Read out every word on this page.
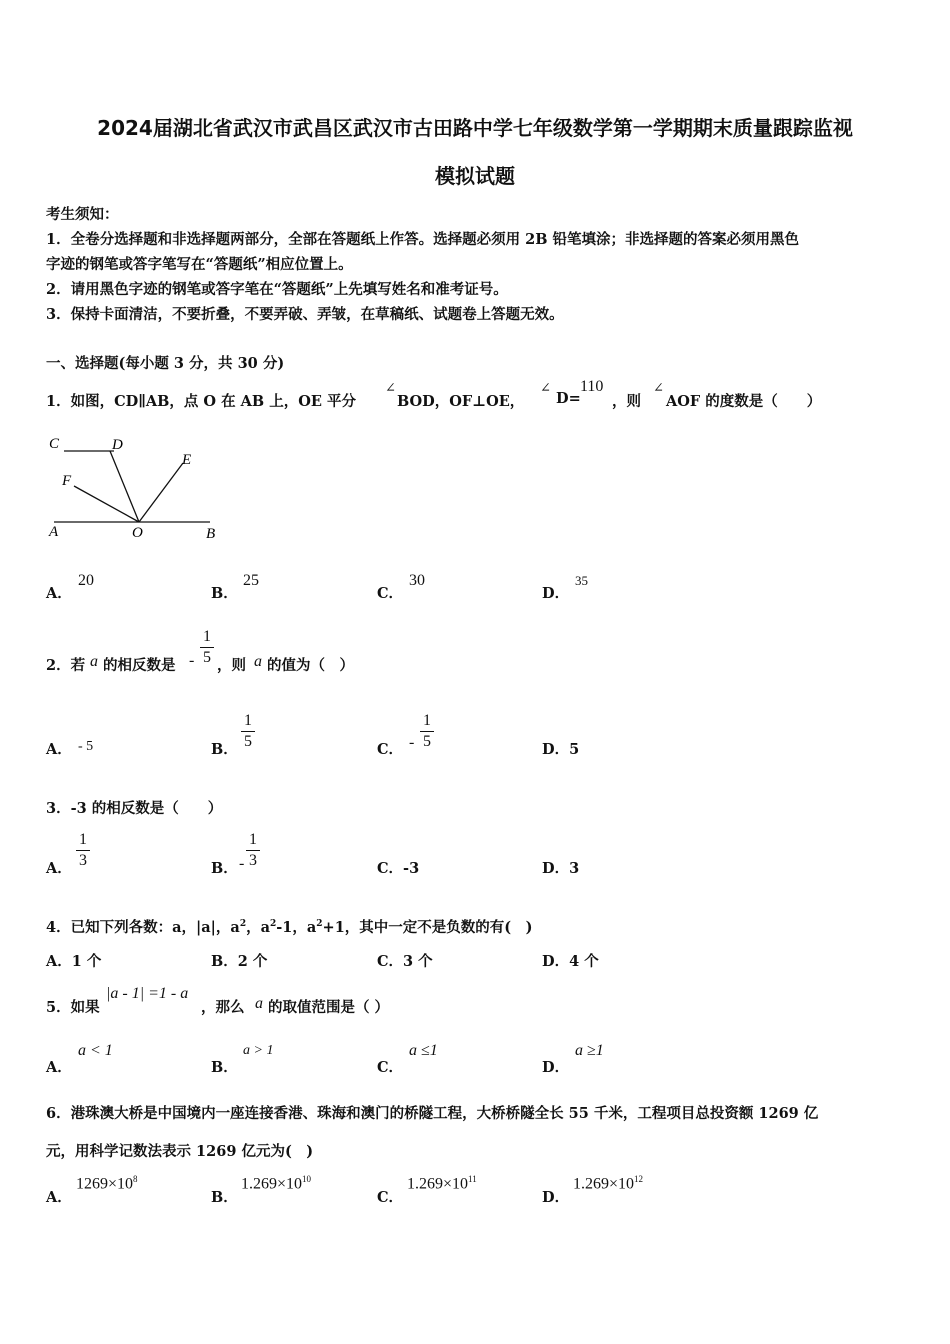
2024届湖北省武汉市武昌区武汉市古田路中学七年级数学第一学期期末质量跟踪监视
模拟试题
考生须知：
1．全卷分选择题和非选择题两部分，全部在答题纸上作答。选择题必须用 2B 铅笔填涂；非选择题的答案必须用黑色
字迹的钢笔或答字笔写在“答题纸”相应位置上。
2．请用黑色字迹的钢笔或答字笔在“答题纸”上先填写姓名和准考证号。
3．保持卡面清洁，不要折叠，不要弄破、弄皱，在草稿纸、试题卷上答题无效。
一、选择题(每小题 3 分，共 30 分)
1．如图，CD∥AB，点 O 在 AB 上，OE 平分
∠
BOD，OF⊥OE，
∠
D=
110
，则
∠
AOF 的度数是（　　）
C	D
F
E
A	O	B
A．
20
B．
25
C．
30
D．
35
2．若 a 的相反数是 -
1
5 ，则 a 的值为（　）
A． - 5	B．
1
5	C． -
1
5	D．5
3．-3 的相反数是（　　）
A．
1
3	B． -
1
3	C．-3	D．3
4．已知下列各数：a，|a|，$a^2$，$a^2-1$，$a^2+1$，其中一定不是负数的有(　)
A．1 个	B．2 个	C．3 个	D．4 个
5．如果
|a - 1| =1 - a
，那么 a 的取值范围是（ ）
A．
a < 1
B．
a > 1
C．
a ≤1
D．
a ≥1
6．港珠澳大桥是中国境内一座连接香港、珠海和澳门的桥隧工程，大桥桥隧全长 55 千米，工程项目总投资额 1269 亿
元，用科学记数法表示 1269 亿元为(　)
A．
$1269\times 10^8$
B．
$1.269\times 10^{10}$
C．
$1.269\times 10^{11}$
D．
$1.269\times 10^{12}$
